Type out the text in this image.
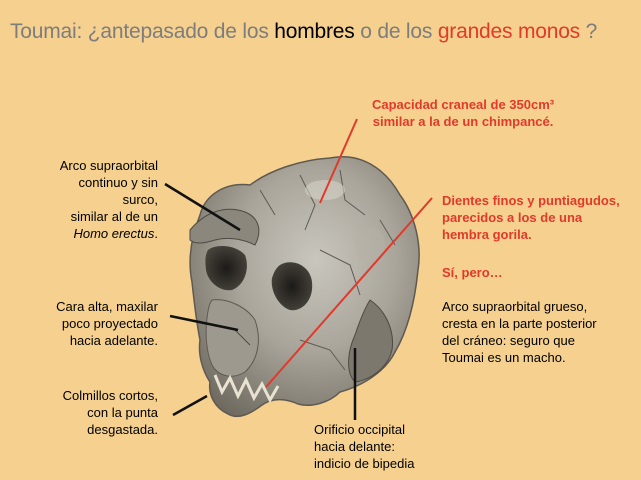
Toumai: ¿antepasado de los hombres o de los grandes monos ?
Capacidad craneal de 350cm³
similar a la de un chimpancé.
Arco supraorbital
continuo y sin surco,
similar al de un
Homo erectus.
Dientes finos y puntiagudos,
parecidos a los de una
hembra gorila.
Sí, pero…
Arco supraorbital grueso,
cresta en la parte posterior
del cráneo: seguro que
Toumai es un macho.
Cara alta, maxilar
poco proyectado
hacia adelante.
Colmillos cortos,
con la punta
desgastada.	Orificio occipital
hacia delante:
indicio de bipedia
